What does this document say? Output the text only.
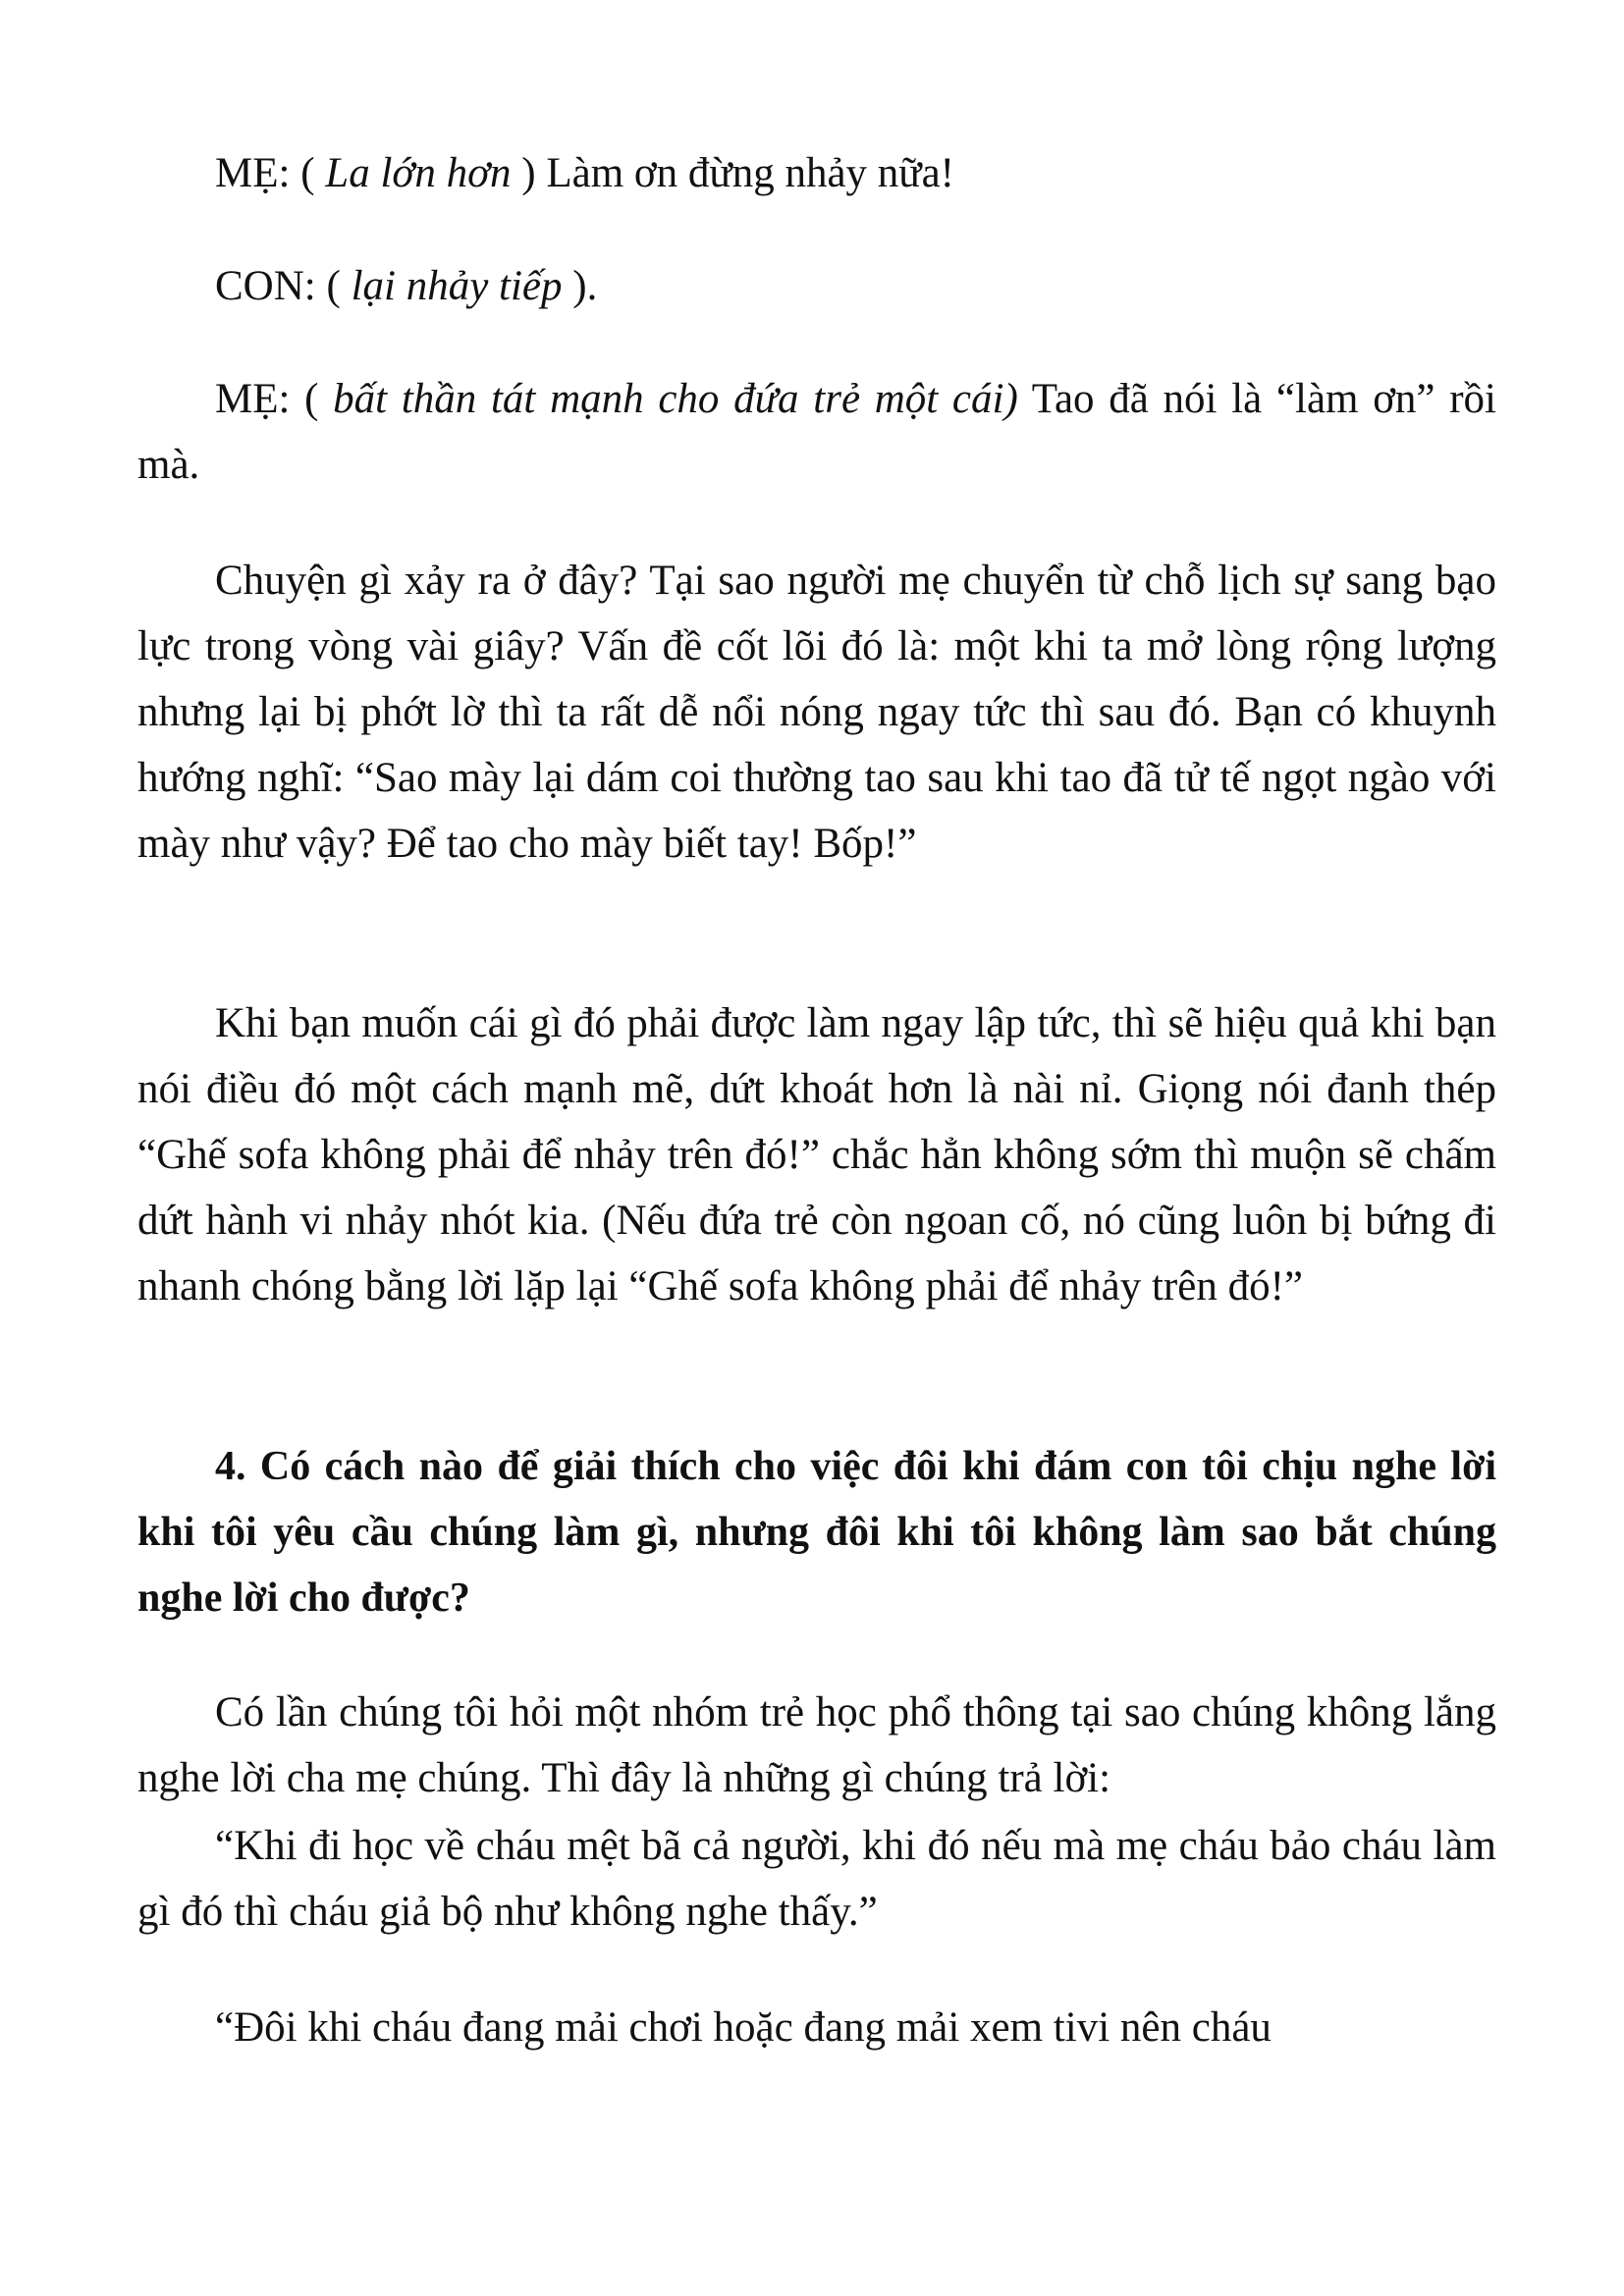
MẸ: ( La lớn hơn ) Làm ơn đừng nhảy nữa!

CON: ( lại nhảy tiếp ).

MẸ: ( bất thần tát mạnh cho đứa trẻ một cái) Tao đã nói là “làm ơn” rồi mà.

Chuyện gì xảy ra ở đây? Tại sao người mẹ chuyển từ chỗ lịch sự sang bạo lực trong vòng vài giây? Vấn đề cốt lõi đó là: một khi ta mở lòng rộng lượng nhưng lại bị phớt lờ thì ta rất dễ nổi nóng ngay tức thì sau đó. Bạn có khuynh hướng nghĩ: “Sao mày lại dám coi thường tao sau khi tao đã tử tế ngọt ngào với mày như vậy? Để tao cho mày biết tay! Bốp!”

Khi bạn muốn cái gì đó phải được làm ngay lập tức, thì sẽ hiệu quả khi bạn nói điều đó một cách mạnh mẽ, dứt khoát hơn là nài nỉ. Giọng nói đanh thép “Ghế sofa không phải để nhảy trên đó!” chắc hẳn không sớm thì muộn sẽ chấm dứt hành vi nhảy nhót kia. (Nếu đứa trẻ còn ngoan cố, nó cũng luôn bị bứng đi nhanh chóng bằng lời lặp lại “Ghế sofa không phải để nhảy trên đó!”

4. Có cách nào để giải thích cho việc đôi khi đám con tôi chịu nghe lời khi tôi yêu cầu chúng làm gì, nhưng đôi khi tôi không làm sao bắt chúng nghe lời cho được?

Có lần chúng tôi hỏi một nhóm trẻ học phổ thông tại sao chúng không lắng nghe lời cha mẹ chúng. Thì đây là những gì chúng trả lời:

“Khi đi học về cháu mệt bã cả người, khi đó nếu mà mẹ cháu bảo cháu làm gì đó thì cháu giả bộ như không nghe thấy.”

“Đôi khi cháu đang mải chơi hoặc đang mải xem tivi nên cháu
